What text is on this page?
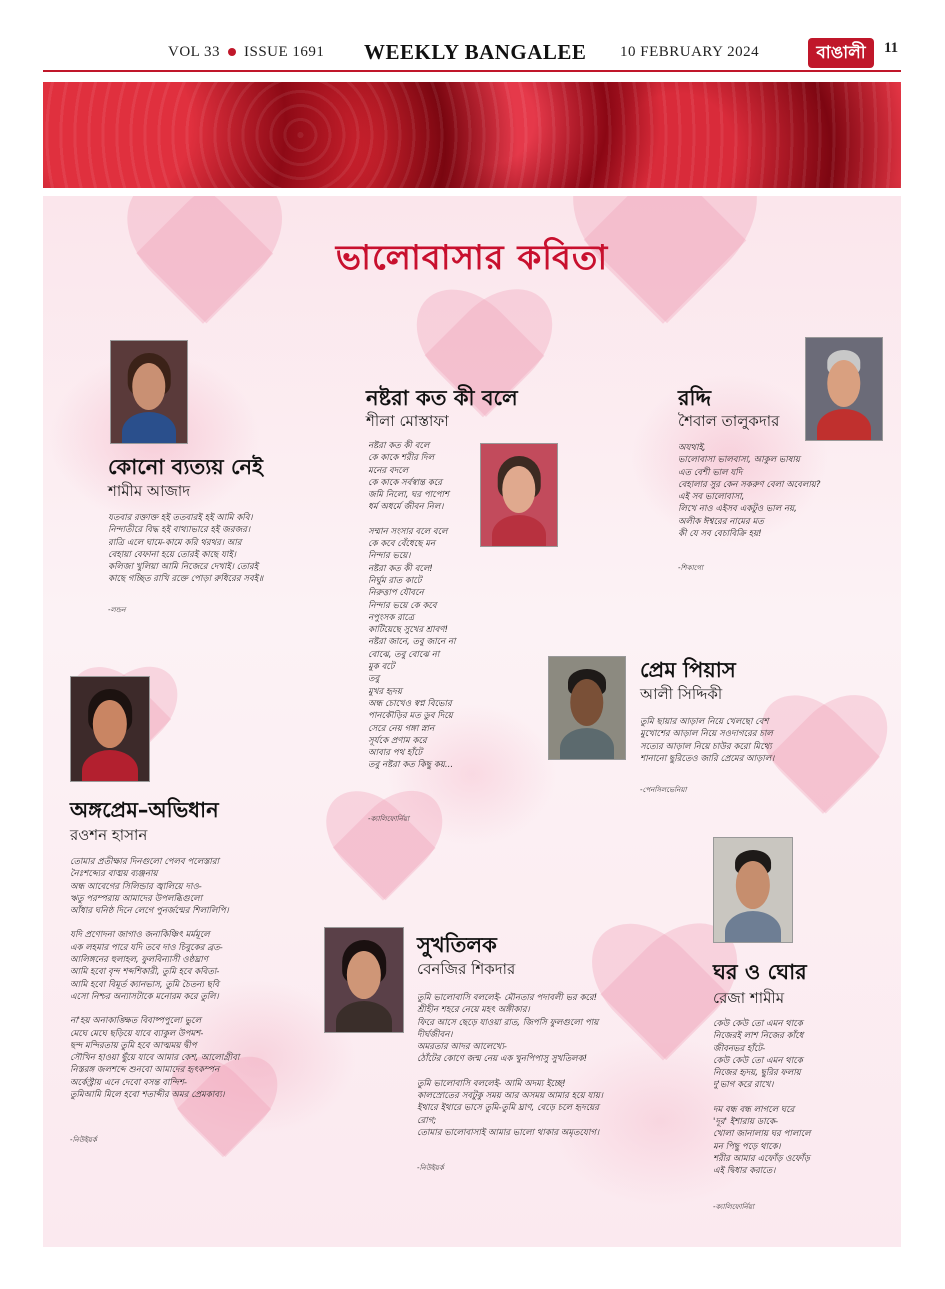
VOL 33 ISSUE 1691 WEEKLY BANGALEE 10 FEBRUARY 2024	বাঙালী	11
ভালোবাসার কবিতা
কোনো ব্যত্যয় নেই
শামীম আজাদ
যতবার রক্তাক্ত হই ততবারই হই আমি কবি।
নিন্দাতীরে বিদ্ধ হই বাথ্যাভারে হই জরজর।
রাত্রি এলে ঘামে-কামে করি থরথর। আর
বেহায়া বেফানা হয়ে তোরই কাছে যাই।
কলিজা খুলিয়া আমি নিজেরে দেখাই। তোরই
কাছে গচ্ছিত রাখি রক্তে পোড়া রুধিরের সবই॥
-লন্ডন
নষ্টরা কত কী বলে
শীলা মোস্তাফা
নষ্টরা কত কী বলে
কে কাকে শরীর দিল
মনের বদলে
কে কাকে সর্বস্বান্ত করে
জমি নিলো, ঘর পাপোশ
ধর্ম অধর্মে জীবন নিল।
সম্মান সংসার বলে বলে
কে কবে বেঁধেছে মন
নিন্দার ভয়ে।
নষ্টরা কত কী বলে!
নির্ঘুম রাত কাটে
নিরুত্তাপ যৌবনে
নিন্দার ভয়ে কে কবে
নপুংসক রাত্রে
কাটিয়েছে সুখের শ্রাবণ!
নষ্টরা জানে, তবু জানে না
বোঝে, তবু বোঝে না
মুক বটে
তবু
মুখর হৃদয়
অন্ধ চোখেও স্বপ্ন বিভোর
পানকৌড়ির মত ডুব দিয়ে
সেরে নেয় গঙ্গা স্নান
সূর্যকে প্রণাম করে
আবার পথ হাঁটে
তবু নষ্টরা কত কিছু কয়...
-ক্যালিফোর্নিয়া
রদ্দি
শৈবাল তালুকদার
অযথাই,
ভালোবাসা ভালবাসা, আকুল ভাষায়
এত বেশী ভাল যদি
বেহালার সুর কেন সকরুণ বেলা অবেলায়?
এই সব ভালোবাসা,
লিখে নাও এইসব একটুও ভাল নয়,
অলীক ঈশ্বরের নামের মত
কী যে সব বেচাবিক্রি হয়!
-শিকাগো
প্রেম পিয়াস
আলী সিদ্দিকী
তুমি ছায়ার আড়াল নিয়ে খেলছো বেশ
মুখোশের আড়াল নিয়ে সওদাগরের চাল
সত্যের আড়াল নিয়ে চাউর করো মিথ্যে
শানানো ছুরিতেও জারি প্রেমের আড়াল।
-পেনসিলভেনিয়া
অঙ্গপ্রেম–অভিধান
রওশন হাসান
তোমার প্রতীক্ষার দিনগুলো পেলব পলেস্তারা
নৈঃশব্দ্যের বাঙ্ময় ব্যঞ্জনায়
অন্ধ আবেগের সিলিন্ডার জ্বালিয়ে দাও-
ঋতু পরম্পরায় আমাদের উপলব্ধিগুলো
আঁধার ঘনিষ্ঠ দিনে লেগে পুনর্জন্মের শিলালিপি।
যদি প্রণোদনা জাগাও জনাকিঞ্চিৎ মর্মমূলে
এক লহমার পারে যদি তবে দাও চিবুকের ব্রত-
আলিঙ্গনের হুলাহল, ফুলবিন্যাসী ওষ্ঠঘ্রাণ
আমি হবো বৃন্দ শব্দশিকারী, তুমি হবে কবিতা-
আমি হবো বিমূর্ত ক্যানভাস, তুমি চৈতন্য ছবি
এসো নিশ্চর অন্যাসটাকে মনোরম করে তুলি।
না'হয় অনাকাঙ্ক্ষিত বিবাষ্পপুলো ভুলে
মেঘে মেঘে ছড়িয়ে যাবে ব্যাকুল উপমশ-
ছন্দ মন্দিরতায় তুমি হবে আত্মময় দ্বীপ
সৌখিন হাওয়া ছুঁয়ে যাবে আমার কেশ, আলোগ্রীবা
নিস্তরঙ্গ জলশব্দে শুনবো আমাদের হৃৎকম্পন
অর্কেস্ট্রায় এনে দেবো বসন্ত বান্দিশ-
তুমিআমি মিলে হবো শতাব্দীর অমর প্রেমকাব্য।
-নিউইয়র্ক
সুখতিলক
বেনজির শিকদার
তুমি ভালোবাসি বললেই- মৌনতার পদাবলী ভর করে!
শ্রীহীন শহরে নেয়ে মহৎ অঙ্গীকার।
ফিরে আসে ছেড়ে যাওয়া রাত, জিপসি ফুলগুলো পায়
দীর্ঘজীবন।
অমরতার আদর আলেখ্যে-
ঠোঁটের কোণে জন্ম নেয় এক খুনপিপাসু সুখতিলক!
তুমি ভালোবাসি বললেই- আমি অদম্য ইচ্ছে!
কালস্রোতের সবটুকু সময় আর অসময় আমার হয়ে যায়।
ইথারে ইথারে ভাসে তুমি-তুমি ঘ্রাণ, বেড়ে চলে হৃদয়ের
রোগ;
তোমার ভালোবাসাই আমার ভালো থাকার অমৃতযোগ।
-নিউইয়র্ক
ঘর ও ঘোর
রেজা শামীম
কেউ কেউ তো এমন থাকে
নিজেরই লাশ নিজের কাঁধে
জীবনভর হাঁটে-
কেউ কেউ তো এমন থাকে
নিজের হৃদয়, ছুরির ফলায়
দু'ভাগ করে রাখে।
দম বন্ধ বন্ধ লাগলে ঘরে
'দূর' ইশারায় ডাকে-
খোলা জানালায় ঘর পালালে
মন পিছু পড়ে থাকে।
শরীর আমার এফোঁড় ওফোঁড়
এই দ্বিধার করাতে।
-ক্যালিফোর্নিয়া
